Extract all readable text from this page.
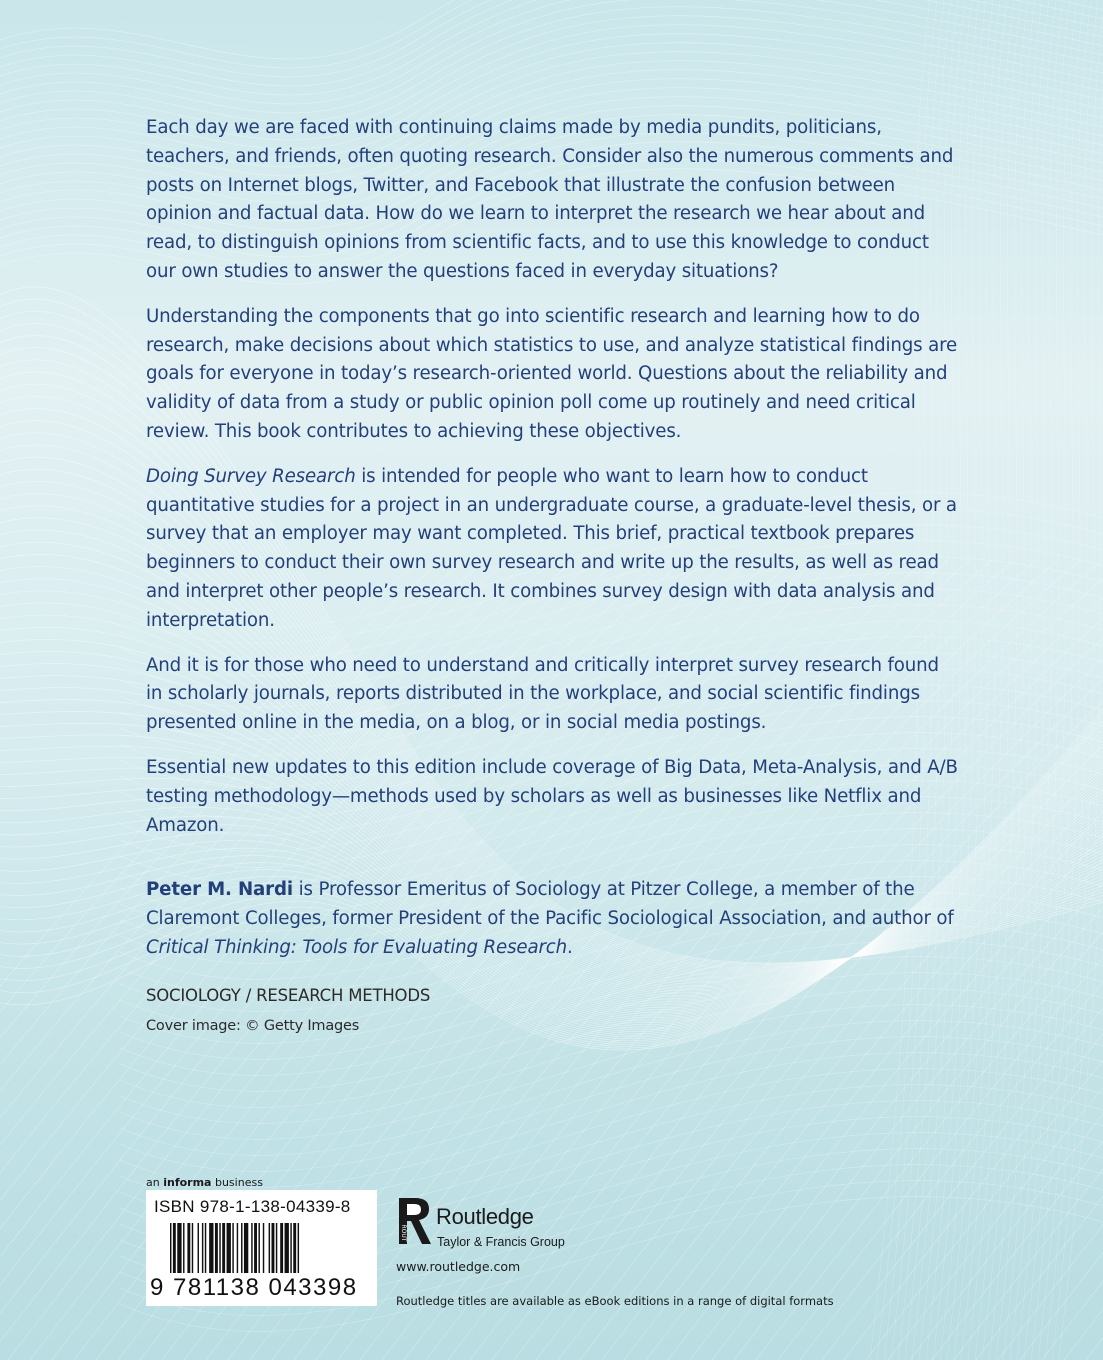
Each day we are faced with continuing claims made by media pundits, politicians, teachers, and friends, often quoting research. Consider also the numerous comments and posts on Internet blogs, Twitter, and Facebook that illustrate the confusion between opinion and factual data. How do we learn to interpret the research we hear about and read, to distinguish opinions from scientific facts, and to use this knowledge to conduct our own studies to answer the questions faced in everyday situations?

Understanding the components that go into scientific research and learning how to do research, make decisions about which statistics to use, and analyze statistical findings are goals for everyone in today’s research-oriented world. Questions about the reliability and validity of data from a study or public opinion poll come up routinely and need critical review. This book contributes to achieving these objectives.

Doing Survey Research is intended for people who want to learn how to conduct quantitative studies for a project in an undergraduate course, a graduate-level thesis, or a survey that an employer may want completed. This brief, practical textbook prepares beginners to conduct their own survey research and write up the results, as well as read and interpret other people’s research. It combines survey design with data analysis and interpretation.

And it is for those who need to understand and critically interpret survey research found in scholarly journals, reports distributed in the workplace, and social scientific findings presented online in the media, on a blog, or in social media postings.

Essential new updates to this edition include coverage of Big Data, Meta-Analysis, and A/B testing methodology—methods used by scholars as well as businesses like Netflix and Amazon.

Peter M. Nardi is Professor Emeritus of Sociology at Pitzer College, a member of the Claremont Colleges, former President of the Pacific Sociological Association, and author of Critical Thinking: Tools for Evaluating Research.

SOCIOLOGY / RESEARCH METHODS
Cover image: © Getty Images
an informa business
ISBN 978-1-138-04339-8
9 781138 043398
ROUT
Routledge
Taylor & Francis Group
www.routledge.com
Routledge titles are available as eBook editions in a range of digital formats
